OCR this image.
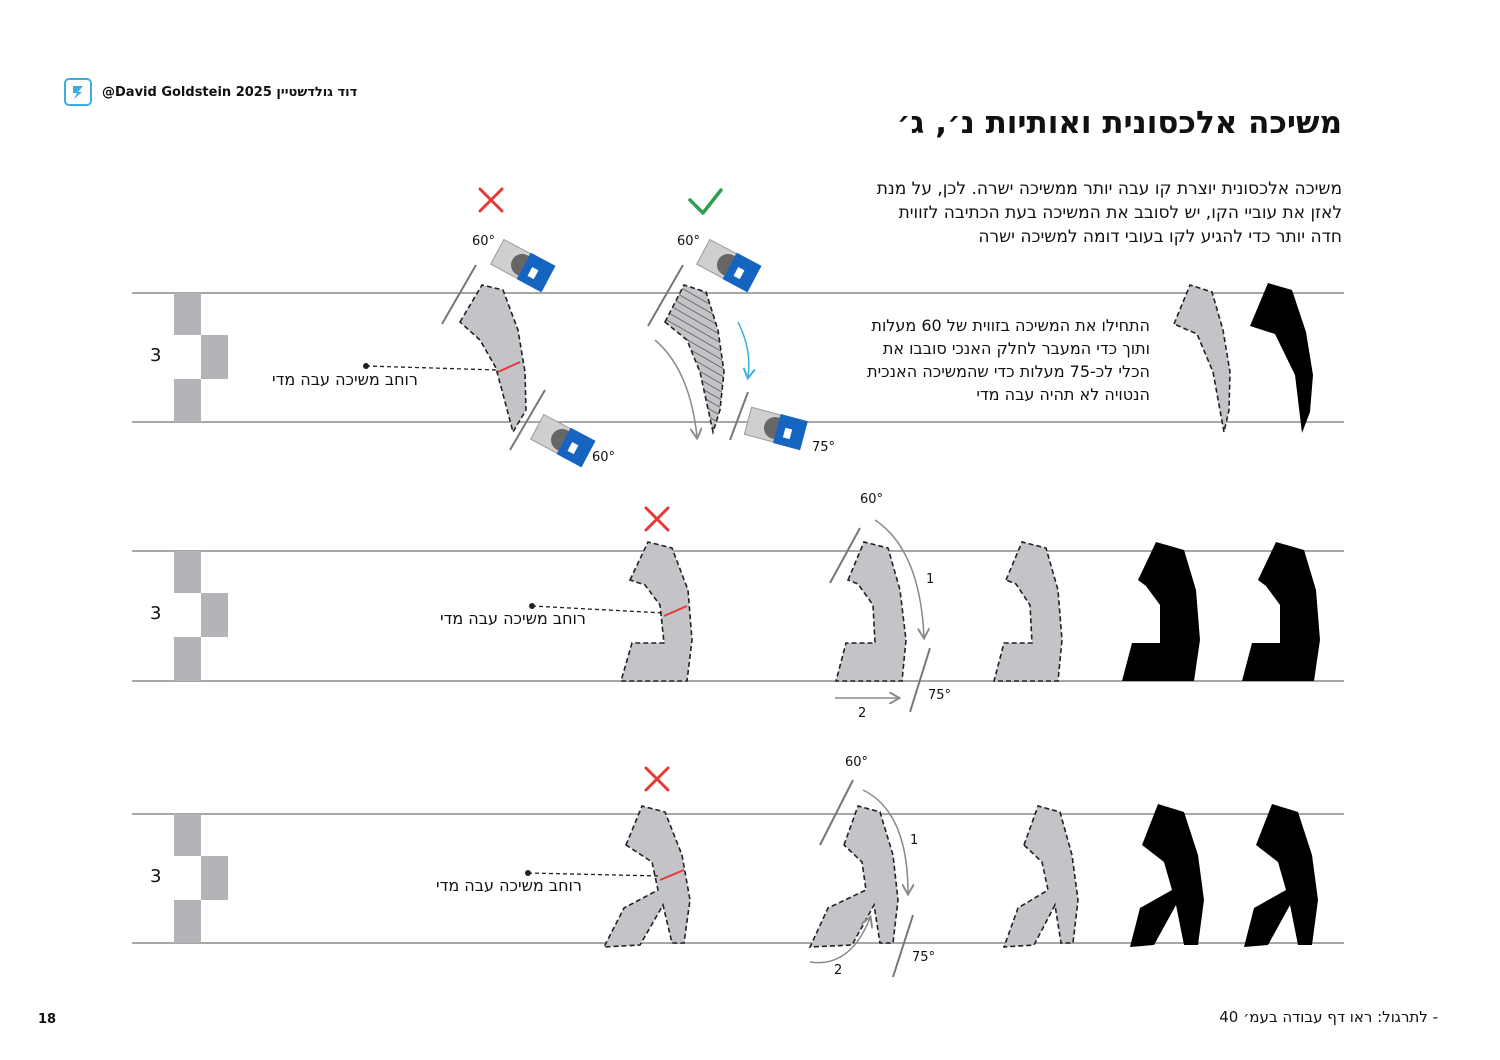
@David Goldstein 2025 דוד גולדשטיין
משיכה אלכסונית ואותיות נ׳, ג׳
משיכה אלכסונית יוצרת קו עבה יותר ממשיכה ישרה. לכן, על מנת
לאזן את עוביי הקו, יש לסובב את המשיכה בעת הכתיבה לזווית
חדה יותר כדי להגיע לקו בעובי דומה למשיכה ישרה
התחילו את המשיכה בזווית של 60 מעלות
ותוך כדי המעבר לחלק האנכי סובבו את
הכלי לכ-75 מעלות כדי שהמשיכה האנכית
הנטויה לא תהיה עבה מדי
3
3
3
רוחב משיכה עבה מדי
רוחב משיכה עבה מדי
רוחב משיכה עבה מדי
60°	60°
60°
75°
60°
75°
60°
75°
1
2
1
2
18	- לתרגול: ראו דף עבודה בעמ׳ 40
